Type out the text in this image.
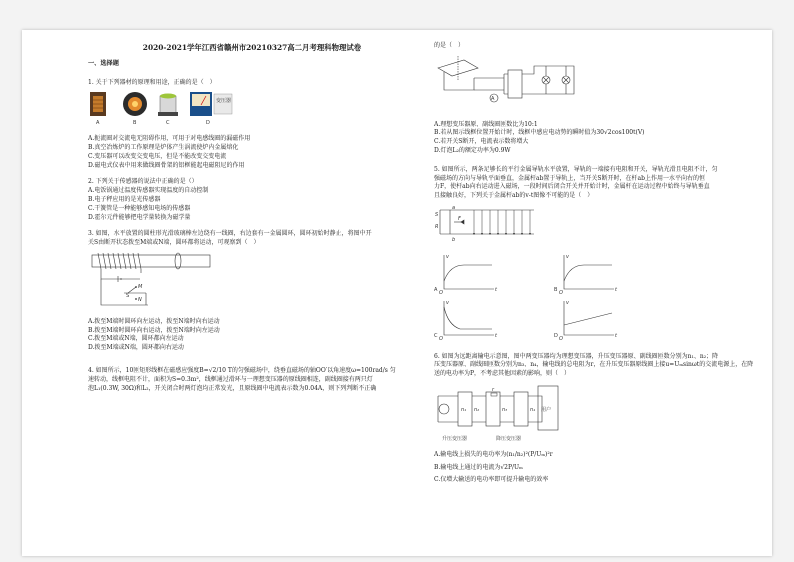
2020-2021学年江西省赣州市20210327高二月考理科物理试卷
一、选择题
1. 关于下列器材的原理和用途，正确的是（　）
变压器
A	B	C	D
A.扼流圈对交流电无阻碍作用，可用于对电感线圈的漏磁作用
B.真空冶炼炉的工作原理是炉体产生涡流使炉内金属熔化
C.变压器可以改变交变电压，但是不能改变交变电流
D.磁电式仪表中用来做线圈骨架的铝框能起电磁阻尼的作用
2. 下列关于传感器的说法中正确的是（）
A.电饭锅通过温度传感器实现温度的自动控制
B.电子秤应用的是光传感器
C.干簧管是一种能够感知电场的传感器
D.霍尔元件能够把电学量转换为磁学量
3. 如图，水平放置的圆柱形光滑玻璃棒左边绕有一线圈，右边套有一金属圆环，圆环初始时静止，将图中开
关S由断开状态拨至M端或N端，圆环都将运动，可观察到（　）
M
S
N
A.拨至M端时圆环向左运动，拨至N端时向右运动
B.拨至M端时圆环向右运动，拨至N端时向左运动
C.拨至M端或N端，圆环都向左运动
D.拨至M端或N端，圆环都向右运动
4. 如图所示，10匝矩形线框在磁感应强度B=√2/10 T的匀强磁场中，绕垂直磁场的轴OO′以角速度ω=100rad/s 匀
速转动，线框电阻不计，面积为S=0.3m²，线框通过滑环与一理想变压器的原线圈相连，副线圈接有两只灯
泡L₁(0.3W, 30Ω)和L₂，开关闭合时两灯泡均正常发光，且原线圈中电流表示数为0.04A，则下列判断不正确
的是（　）
A
A.理想变压器原、副线圈匝数比为10:1
B.若从图示线框位置开始计时，线框中感应电动势的瞬时值为30√2cos100t(V)
C.若开关S断开，电流表示数将增大
D.灯泡L₂的额定功率为0.9W
5. 如图所示，两条足够长的平行金属导轨水平放置，导轨的一端接有电阻和开关，导轨光滑且电阻不计，匀
强磁场的方向与导轨平面垂直，金属杆ab置于导轨上，当开关S断开时，在杆ab上作用一水平向右的恒
力F，使杆ab向右运动进入磁场，一段时间后闭合开关并开始计时，金属杆在运动过程中始终与导轨垂直
且接触良好，下列关于金属杆ab的v-t图像不可能的是（　）
S
R
a
b
F
A O
v
t	B O
v
t
C O
v
t	D O
v
t
6. 如图为远距离输电示意图，图中两变压器均为理想变压器，升压变压器原、副线圈匝数分别为n₁、n₂；降
压变压器原、副线圈匝数分别为n₃、n₄，输电线的总电阻为r，在升压变压器原线圈上接u=Uₘsinωt的交流电源上，在降
送的电功率为P，不考虑其他因素的影响，则（　）
n₁ n₂
r
n₃	n₄ 用户
升压变压器	降压变压器
A.输电线上损失的电功率为(n₁/n₂)²(P/Uₘ)²r
B.输电线上通过的电流为√2P/Uₘ
C.仅增大输送的电功率即可提升输电的效率
